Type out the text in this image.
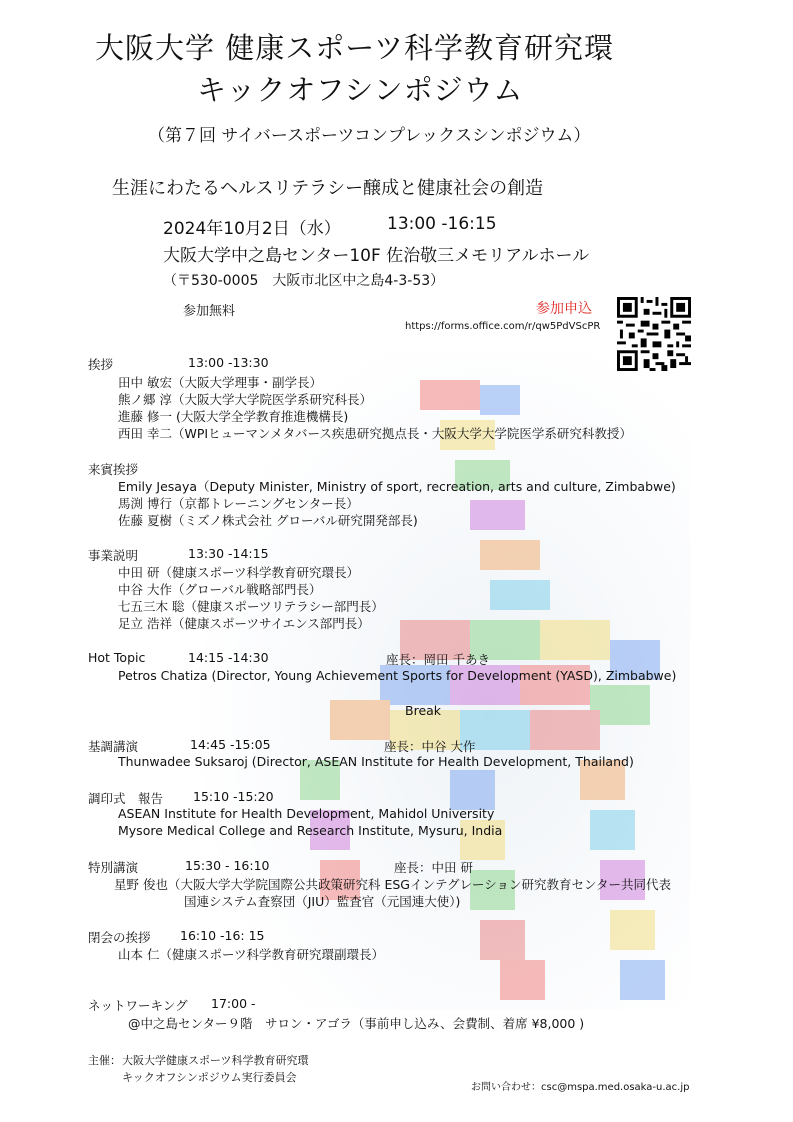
大阪大学 健康スポーツ科学教育研究環
キックオフシンポジウム
（第７回 サイバースポーツコンプレックスシンポジウム）
生涯にわたるヘルスリテラシー醸成と健康社会の創造
2024年10月2日（水）	13:00 -16:15
大阪大学中之島センター10F 佐治敬三メモリアルホール
（〒530-0005　大阪市北区中之島4-3-53）
参加無料	参加申込
https://forms.office.com/r/qw5PdVScPR
挨拶	13:00 -13:30
田中 敏宏（大阪大学理事・副学長）
熊ノ郷 淳（大阪大学大学院医学系研究科長）
進藤 修一 (大阪大学全学教育推進機構長)
西田 幸二（WPIヒューマンメタバース疾患研究拠点長・大阪大学大学院医学系研究科教授）
来賓挨拶
Emily Jesaya（Deputy Minister, Ministry of sport, recreation, arts and culture, Zimbabwe)
馬渕 博行（京都トレーニングセンター長）
佐藤 夏樹（ミズノ株式会社 グローバル研究開発部長)
事業説明	13:30 -14:15
中田 研（健康スポーツ科学教育研究環長）
中谷 大作（グローバル戦略部門長）
七五三木 聡（健康スポーツリテラシー部門長）
足立 浩祥（健康スポーツサイエンス部門長）
Hot Topic	14:15 -14:30	座長：岡田 千あき
Petros Chatiza (Director, Young Achievement Sports for Development (YASD), Zimbabwe)
Break
基調講演	14:45 -15:05	座長：中谷 大作
Thunwadee Suksaroj (Director, ASEAN Institute for Health Development, Thailand)
調印式　報告 15:10 -15:20
ASEAN Institute for Health Development, Mahidol University
Mysore Medical College and Research Institute, Mysuru, India
特別講演	15:30 - 16:10	座長：中田 研
星野 俊也（大阪大学大学院国際公共政策研究科 ESGインテグレーション研究教育センター共同代表
国連システム査察団（JIU）監査官（元国連大使）)
閉会の挨拶 16:10 -16: 15
山本 仁（健康スポーツ科学教育研究環副環長）
ネットワーキング 17:00 -
@中之島センター９階　サロン・アゴラ（事前申し込み、会費制、着席 ¥8,000 )
主催： 大阪大学健康スポーツ科学教育研究環
キックオフシンポジウム実行委員会
お問い合わせ：csc@mspa.med.osaka-u.ac.jp
